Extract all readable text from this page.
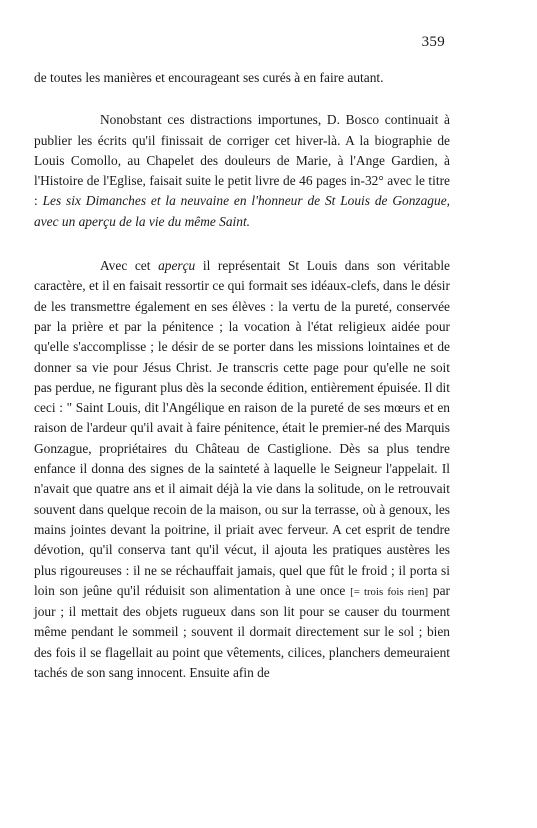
359

de toutes les manières et encourageant ses curés à en faire autant.

Nonobstant ces distractions importunes, D. Bosco continuait à publier les écrits qu'il finissait de corriger cet hiver-là. A la biographie de Louis Comollo, au Chapelet des douleurs de Marie, à l'Ange Gardien, à l'Histoire de l'Eglise, faisait suite le petit livre de 46 pages in-32° avec le titre : Les six Dimanches et la neuvaine en l'honneur de St Louis de Gonzague, avec un aperçu de la vie du même Saint.

Avec cet aperçu il représentait St Louis dans son véritable caractère, et il en faisait ressortir ce qui formait ses idéaux-clefs, dans le désir de les transmettre également en ses élèves : la vertu de la pureté, conservée par la prière et par la pénitence ; la vocation à l'état religieux aidée pour qu'elle s'accomplisse ; le désir de se porter dans les missions lointaines et de donner sa vie pour Jésus Christ. Je transcris cette page pour qu'elle ne soit pas perdue, ne figurant plus dès la seconde édition, entièrement épuisée. Il dit ceci : " Saint Louis, dit l'Angélique en raison de la pureté de ses mœurs et en raison de l'ardeur qu'il avait à faire pénitence, était le premier-né des Marquis Gonzague, propriétaires du Château de Castiglione. Dès sa plus tendre enfance il donna des signes de la sainteté à laquelle le Seigneur l'appelait. Il n'avait que quatre ans et il aimait déjà la vie dans la solitude, on le retrouvait souvent dans quelque recoin de la maison, ou sur la terrasse, où à genoux, les mains jointes devant la poitrine, il priait avec ferveur. A cet esprit de tendre dévotion, qu'il conserva tant qu'il vécut, il ajouta les pratiques austères les plus rigoureuses : il ne se réchauffait jamais, quel que fût le froid ; il porta si loin son jeûne qu'il réduisit son alimentation à une once [= trois fois rien] par jour ; il mettait des objets rugueux dans son lit pour se causer du tourment même pendant le sommeil ; souvent il dormait directement sur le sol ; bien des fois il se flagellait au point que vêtements, cilices, planchers demeuraient tachés de son sang innocent. Ensuite afin de
